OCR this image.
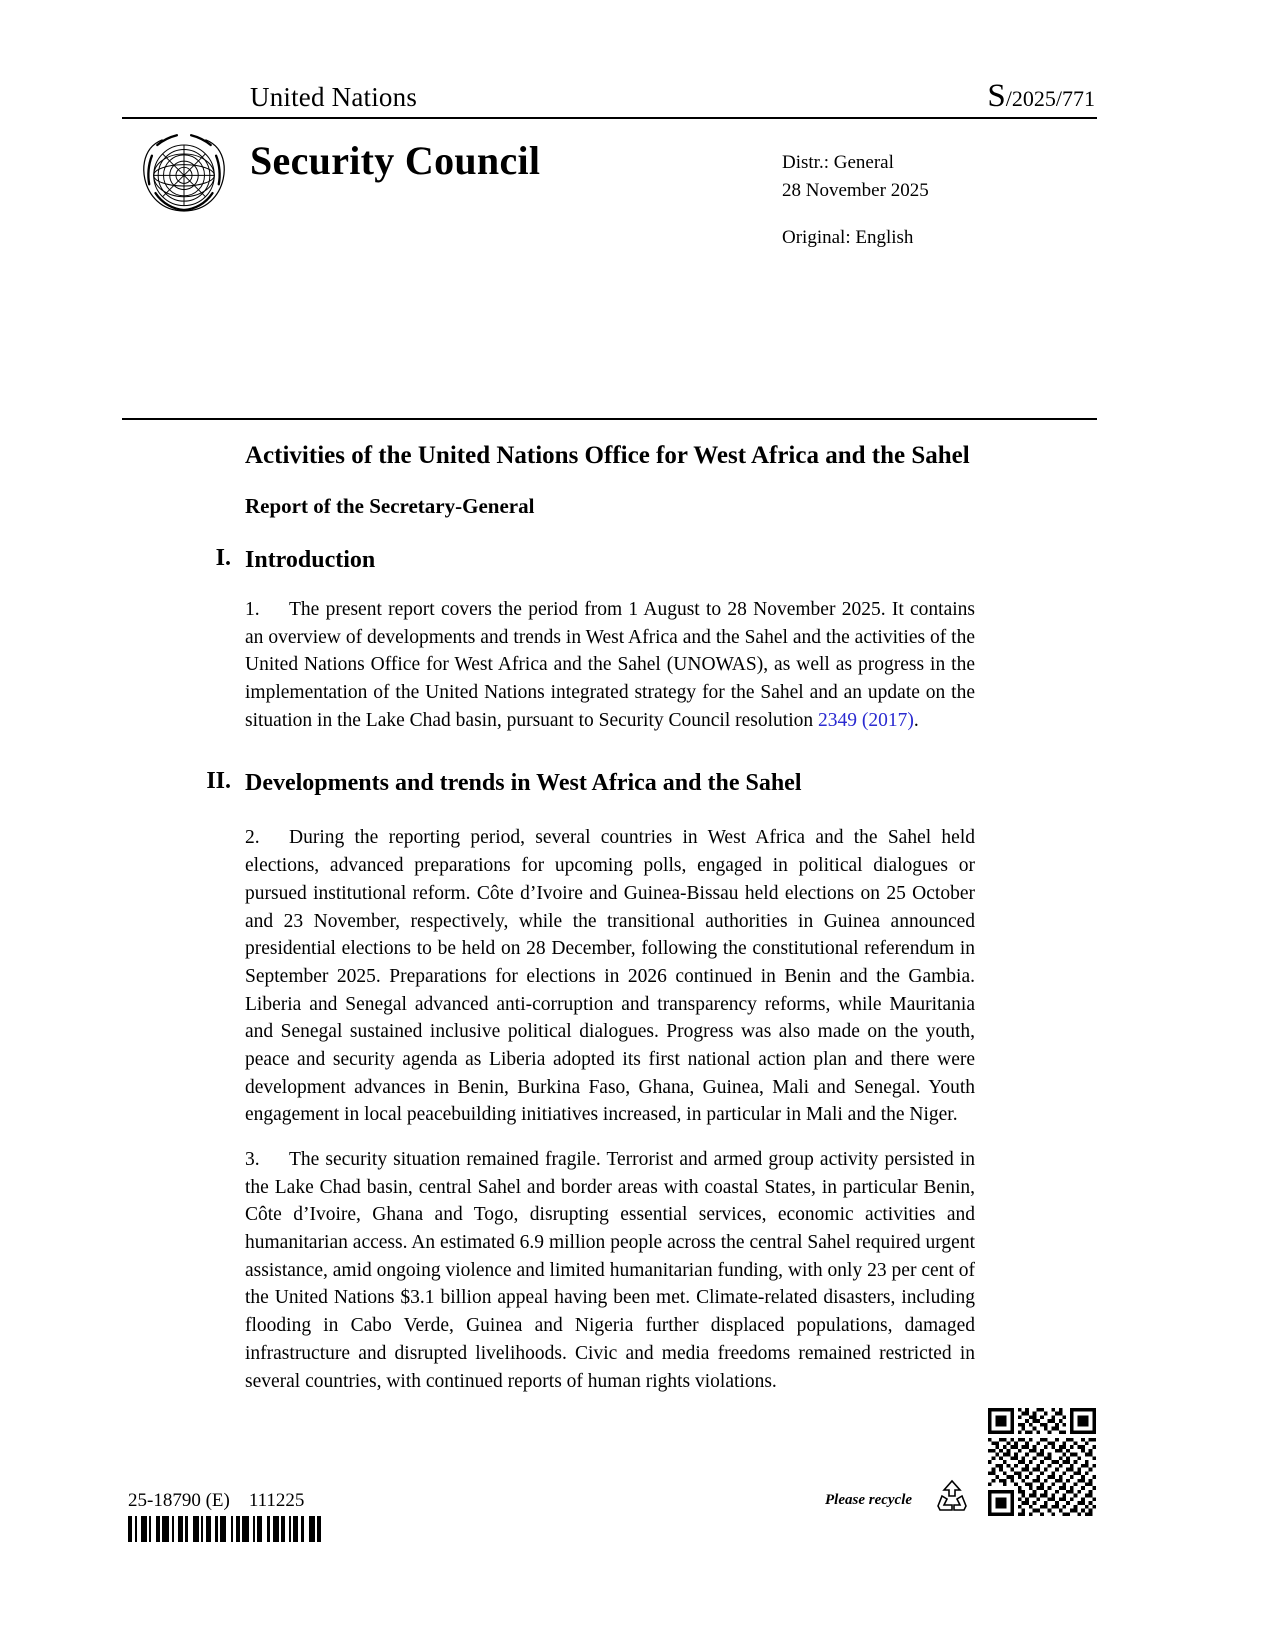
United Nations	S/2025/771
Security Council	Distr.: General
28 November 2025
Original: English
Activities of the United Nations Office for West Africa and the Sahel
Report of the Secretary-General
I. Introduction

1. The present report covers the period from 1 August to 28 November 2025. It contains an overview of developments and trends in West Africa and the Sahel and the activities of the United Nations Office for West Africa and the Sahel (UNOWAS), as well as progress in the implementation of the United Nations integrated strategy for the Sahel and an update on the situation in the Lake Chad basin, pursuant to Security Council resolution 2349 (2017).

II. Developments and trends in West Africa and the Sahel

2. During the reporting period, several countries in West Africa and the Sahel held elections, advanced preparations for upcoming polls, engaged in political dialogues or pursued institutional reform. Côte d’Ivoire and Guinea-Bissau held elections on 25 October and 23 November, respectively, while the transitional authorities in Guinea announced presidential elections to be held on 28 December, following the constitutional referendum in September 2025. Preparations for elections in 2026 continued in Benin and the Gambia. Liberia and Senegal advanced anti-corruption and transparency reforms, while Mauritania and Senegal sustained inclusive political dialogues. Progress was also made on the youth, peace and security agenda as Liberia adopted its first national action plan and there were development advances in Benin, Burkina Faso, Ghana, Guinea, Mali and Senegal. Youth engagement in local peacebuilding initiatives increased, in particular in Mali and the Niger.

3. The security situation remained fragile. Terrorist and armed group activity persisted in the Lake Chad basin, central Sahel and border areas with coastal States, in particular Benin, Côte d’Ivoire, Ghana and Togo, disrupting essential services, economic activities and humanitarian access. An estimated 6.9 million people across the central Sahel required urgent assistance, amid ongoing violence and limited humanitarian funding, with only 23 per cent of the United Nations $3.1 billion appeal having been met. Climate-related disasters, including flooding in Cabo Verde, Guinea and Nigeria further displaced populations, damaged infrastructure and disrupted livelihoods. Civic and media freedoms remained restricted in several countries, with continued reports of human rights violations.

25-18790 (E)    111225	Please recycle
